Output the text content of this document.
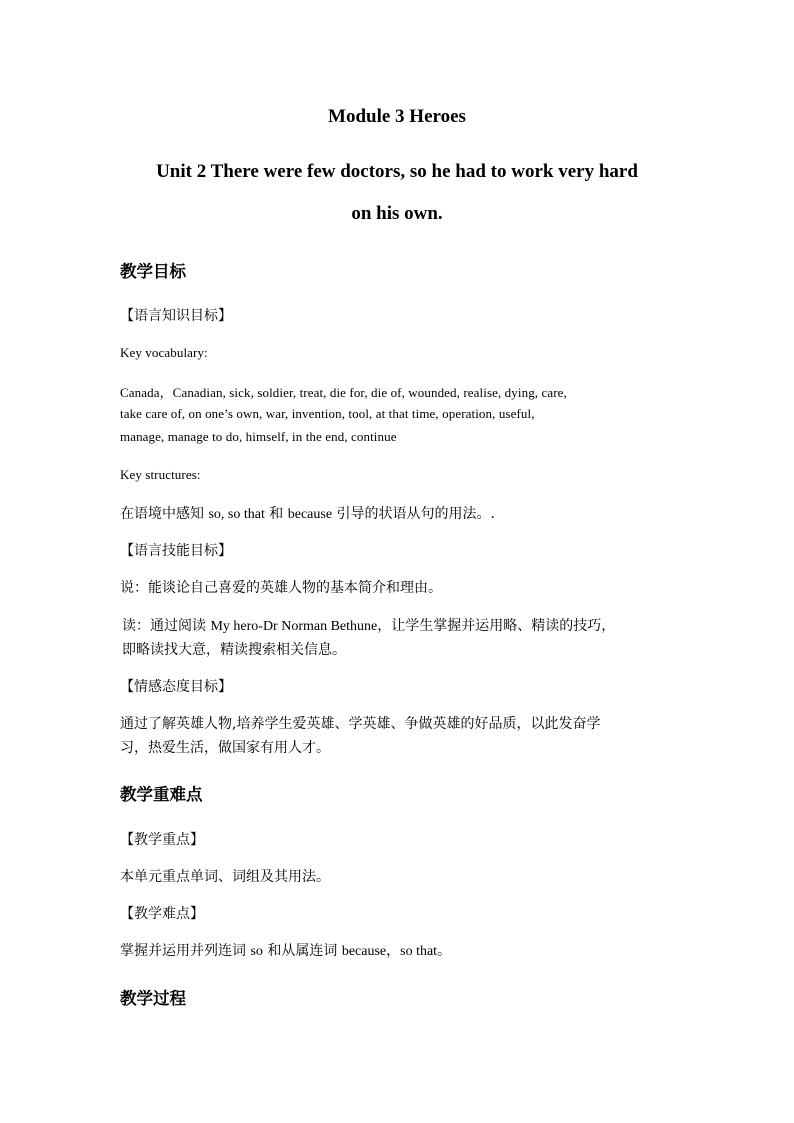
Module 3 Heroes

Unit 2 There were few doctors, so he had to work very hard

on his own.

教学目标

【语言知识目标】

Key vocabulary:

Canada，Canadian, sick, soldier, treat, die for, die of, wounded, realise, dying, care,

take care of, on one’s own, war, invention, tool, at that time, operation, useful,

manage, manage to do, himself, in the end, continue

Key structures:

在语境中感知 so, so that 和 because 引导的状语从句的用法。.

【语言技能目标】

说：能谈论自己喜爱的英雄人物的基本简介和理由。

读：通过阅读 My hero-Dr Norman Bethune，让学生掌握并运用略、精读的技巧，

即略读找大意，精读搜索相关信息。

【情感态度目标】

通过了解英雄人物,培养学生爱英雄、学英雄、争做英雄的好品质，以此发奋学

习，热爱生活，做国家有用人才。

教学重难点

【教学重点】

本单元重点单词、词组及其用法。

【教学难点】

掌握并运用并列连词 so 和从属连词 because，so that。

教学过程
